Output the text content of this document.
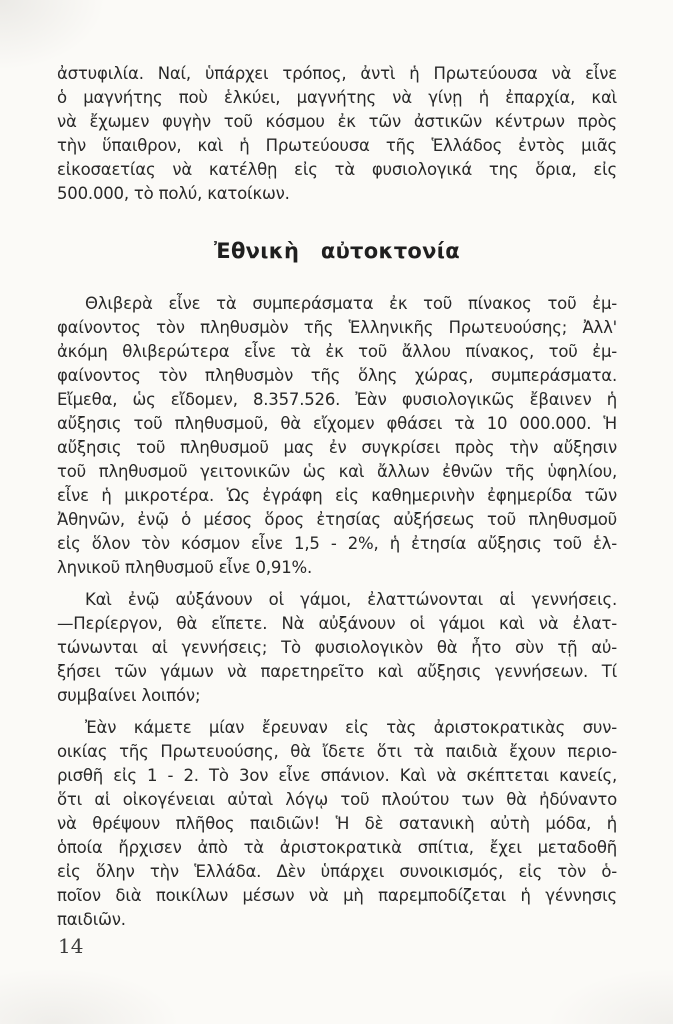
ἀστυφιλία. Ναί, ὑπάρχει τρόπος, ἀντὶ ἡ Πρωτεύουσα νὰ εἶνε
ὁ μαγνήτης ποὺ ἑλκύει, μαγνήτης νὰ γίνῃ ἡ ἐπαρχία, καὶ
νὰ ἔχωμεν φυγὴν τοῦ κόσμου ἐκ τῶν ἀστικῶν κέντρων πρὸς
τὴν ὕπαιθρον, καὶ ἡ Πρωτεύουσα τῆς Ἑλλάδος ἐντὸς μιᾶς
εἰκοσαετίας νὰ κατέλθῃ εἰς τὰ φυσιολογικά της ὅρια, εἰς
500.000, τὸ πολύ, κατοίκων.

Ἐθνικὴ αὐτοκτονία

Θλιβερὰ εἶνε τὰ συμπεράσματα ἐκ τοῦ πίνακος τοῦ ἐμ-
φαίνοντος τὸν πληθυσμὸν τῆς Ἑλληνικῆς Πρωτευούσης; Ἀλλ'
ἀκόμη θλιβερώτερα εἶνε τὰ ἐκ τοῦ ἄλλου πίνακος, τοῦ ἐμ-
φαίνοντος τὸν πληθυσμὸν τῆς ὅλης χώρας, συμπεράσματα.
Εἴμεθα, ὡς εἴδομεν, 8.357.526. Ἐὰν φυσιολογικῶς ἔβαινεν ἡ
αὔξησις τοῦ πληθυσμοῦ, θὰ εἴχομεν φθάσει τὰ 10 000.000. Ἡ
αὔξησις τοῦ πληθυσμοῦ μας ἐν συγκρίσει πρὸς τὴν αὔξησιν
τοῦ πληθυσμοῦ γειτονικῶν ὡς καὶ ἄλλων ἐθνῶν τῆς ὑφηλίου,
εἶνε ἡ μικροτέρα. Ὡς ἐγράφη εἰς καθημερινὴν ἐφημερίδα τῶν
Ἀθηνῶν, ἐνῷ ὁ μέσος ὅρος ἐτησίας αὐξήσεως τοῦ πληθυσμοῦ
εἰς ὅλον τὸν κόσμον εἶνε 1,5 - 2%, ἡ ἐτησία αὔξησις τοῦ ἑλ-
ληνικοῦ πληθυσμοῦ εἶνε 0,91%.

Καὶ ἐνῷ αὐξάνουν οἱ γάμοι, ἐλαττώνονται αἱ γεννήσεις.
—Περίεργον, θὰ εἴπετε. Νὰ αὐξάνουν οἱ γάμοι καὶ νὰ ἐλατ-
τώνωνται αἱ γεννήσεις; Τὸ φυσιολογικὸν θὰ ἦτο σὺν τῇ αὐ-
ξήσει τῶν γάμων νὰ παρετηρεῖτο καὶ αὔξησις γεννήσεων. Τί
συμβαίνει λοιπόν;

Ἐὰν κάμετε μίαν ἔρευναν εἰς τὰς ἀριστοκρατικὰς συν-
οικίας τῆς Πρωτευούσης, θὰ ἴδετε ὅτι τὰ παιδιὰ ἔχουν περιο-
ρισθῆ εἰς 1 - 2. Τὸ 3ον εἶνε σπάνιον. Καὶ νὰ σκέπτεται κανείς,
ὅτι αἱ οἰκογένειαι αὐταὶ λόγῳ τοῦ πλούτου των θὰ ἠδύναντο
νὰ θρέψουν πλῆθος παιδιῶν! Ἡ δὲ σατανικὴ αὐτὴ μόδα, ἡ
ὁποία ἤρχισεν ἀπὸ τὰ ἀριστοκρατικὰ σπίτια, ἔχει μεταδοθῆ
εἰς ὅλην τὴν Ἑλλάδα. Δὲν ὑπάρχει συνοικισμός, εἰς τὸν ὁ-
ποῖον διὰ ποικίλων μέσων νὰ μὴ παρεμποδίζεται ἡ γέννησις
παιδιῶν.

14
